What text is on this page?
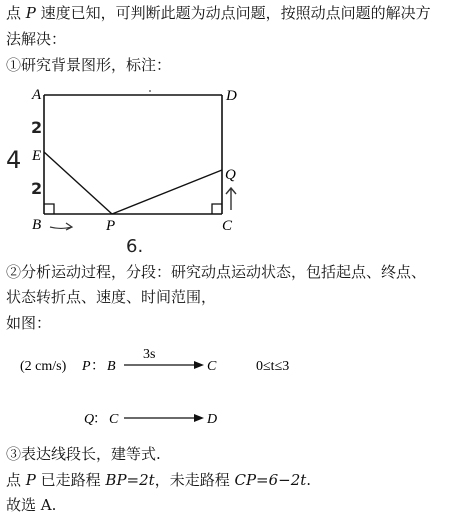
点 P 速度已知，可判断此题为动点问题，按照动点问题的解决方
法解决：
①研究背景图形，标注：
A	D
E
B	P	C
Q
4
2
2
6.
②分析运动过程，分段：研究动点运动状态，包括起点、终点、
状态转折点、速度、时间范围，
如图：
(2 cm/s) P ： B
3s
C	0≤t≤3
Q
： C	D
③表达线段长，建等式.
点 P 已走路程 BP=2t，未走路程 CP=6−2t.
故选 A.
